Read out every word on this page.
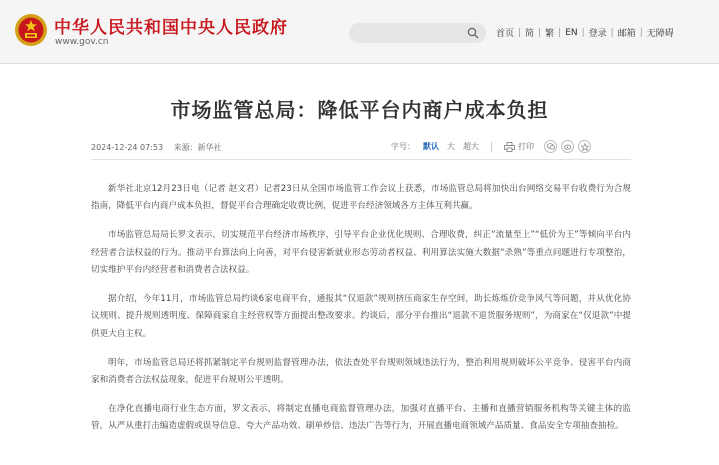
中华人民共和国中央人民政府
www.gov.cn
首页 | 简 | 繁 | EN | 登录 | 邮箱 | 无障碍
市场监管总局：降低平台内商户成本负担
2024-12-24 07:53 来源：新华社	字号： 默认 大 超大	打印

新华社北京12月23日电（记者 赵文君）记者23日从全国市场监管工作会议上获悉，市场监管总局将加快出台网络交易平台收费行为合规指南，降低平台内商户成本负担，督促平台合理确定收费比例，促进平台经济领域各方主体互利共赢。

市场监管总局局长罗文表示，切实规范平台经济市场秩序，引导平台企业优化规则、合理收费，纠正“流量至上”“低价为王”等倾向平台内经营者合法权益的行为。推动平台算法向上向善，对平台侵害新就业形态劳动者权益、利用算法实施大数据“杀熟”等重点问题进行专项整治，切实维护平台内经营者和消费者合法权益。

据介绍，今年11月，市场监管总局约谈6家电商平台，通报其“仅退款”规则挤压商家生存空间，助长炼炼价竞争风气等问题，并从优化协议规则、提升规则透明度、保障商家自主经营权等方面提出整改要求。约谈后，部分平台推出“退款不退货服务规则”，为商家在“仅退款”中提供更大自主权。

明年，市场监管总局还将抓紧制定平台规则监督管理办法，依法查处平台规则领域违法行为，整治利用规则破坏公平竞争、侵害平台内商家和消费者合法权益现象，促进平台规则公平透明。

在净化直播电商行业生态方面，罗文表示，将制定直播电商监督管理办法，加强对直播平台、主播和直播营销服务机构等关键主体的监管，从严从重打击编造虚假或误导信息、夸大产品功效、刷单炒信、违法广告等行为，开展直播电商领域产品质量、食品安全专项抽查抽检。
